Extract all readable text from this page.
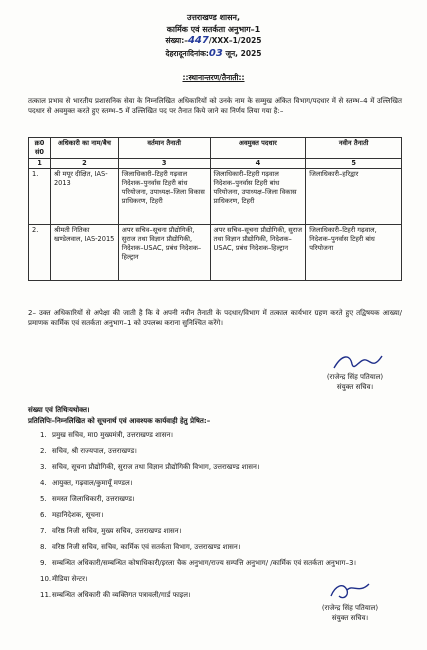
उत्तराखण्ड शासन,
कार्मिक एवं सतर्कता अनुभाग–1
संख्या:–447/XXX–1/2025
देहरादूनःदिनांक:03 जून, 2025
::स्थानान्तरण/तैनाती::
तत्काल प्रभाव से भारतीय प्रशासनिक सेवा के निम्नलिखित अधिकारियों को उनके नाम के सम्मुख अंकित विभाग/पदधार में से स्तम्भ–4 में उल्लिखित पदधार से अवमुक्त करते हुए स्तम्भ–5 में उल्लिखित पद पर तैनात किये जाने का निर्णय लिया गया है:–
क्र0 सं0	अधिकारी का नाम/बैच	वर्तमान तैनाती	अवमुक्त पदधार	नवीन तैनाती
1	2	3	4	5
1.	श्री मयूर दीक्षित, IAS-2013	जिलाधिकारी–टिहरी गढ़वाल निदेशक–पुनर्वास टिहरी बांध परियोजना, उपाध्यक्ष–जिला विकास प्राधिकरण, टिहरी	जिलाधिकारी–टिहरी गढ़वाल निदेशक–पुनर्वास टिहरी बांध परियोजना, उपाध्यक्ष–जिला विकास प्राधिकरण, टिहरी	जिलाधिकारी–हरिद्वार
2.	श्रीमती नितिका खण्डेलवाल, IAS-2015	अपर सचिव–सूचना प्रौद्योगिकी, सुराज तथा विज्ञान प्रौद्योगिकी, निदेशक–USAC, प्रबंध निदेशक–हिल्ट्रान	अपर सचिव–सूचना प्रौद्योगिकी, सुराज तथा विज्ञान प्रौद्योगिकी, निदेशक–USAC, प्रबंध निदेशक–हिल्ट्रान	जिलाधिकारी–टिहरी गढ़वाल, निदेशक–पुनर्वास टिहरी बांध परियोजना
2– उक्त अधिकारियों से अपेक्षा की जाती है कि वे अपनी नवीन तैनाती के पदधार/विभाग में तत्काल कार्यभार ग्रहण करते हुए तद्विषयक आख्या/प्रमाणक कार्मिक एवं सतर्कता अनुभाग–1 को उपलब्ध कराना सुनिश्चित करेंगे।
(राजेन्द्र सिंह पतियाल)
संयुक्त सचिव।
संख्या एवं तिथिःयथोक्त।
प्रतिलिपिः–निम्नलिखित को सूचनार्थ एवं आवश्यक कार्यवाही हेतु प्रेषित:–
1. प्रमुख सचिव, मा0 मुख्यमंत्री, उत्तराखण्ड शासन।
2. सचिव, श्री राज्यपाल, उत्तराखण्ड।
3. सचिव, सूचना प्रौद्योगिकी, सुराज तथा विज्ञान प्रौद्योगिकी विभाग, उत्तराखण्ड शासन।
4. आयुक्त, गढ़वाल/कुमायूँ मण्डल।
5. समस्त जिलाधिकारी, उत्तराखण्ड।
6. महानिदेशक, सूचना।
7. वरिष्ठ निजी सचिव, मुख्य सचिव, उत्तराखण्ड शासन।
8. वरिष्ठ निजी सचिव, सचिव, कार्मिक एवं सतर्कता विभाग, उत्तराखण्ड शासन।
9. सम्बन्धित अधिकारी/सम्बन्धित कोषाधिकारी/इरला चैक अनुभाग/राज्य सम्पत्ति अनुभाग/ /कार्मिक एवं सतर्कता अनुभाग–3।
10. मीडिया सेन्टर।
11. सम्बन्धित अधिकारी की व्यक्तिगत पत्रावली/गार्ड फाइल।
(राजेन्द्र सिंह पतियाल)
संयुक्त सचिव।
